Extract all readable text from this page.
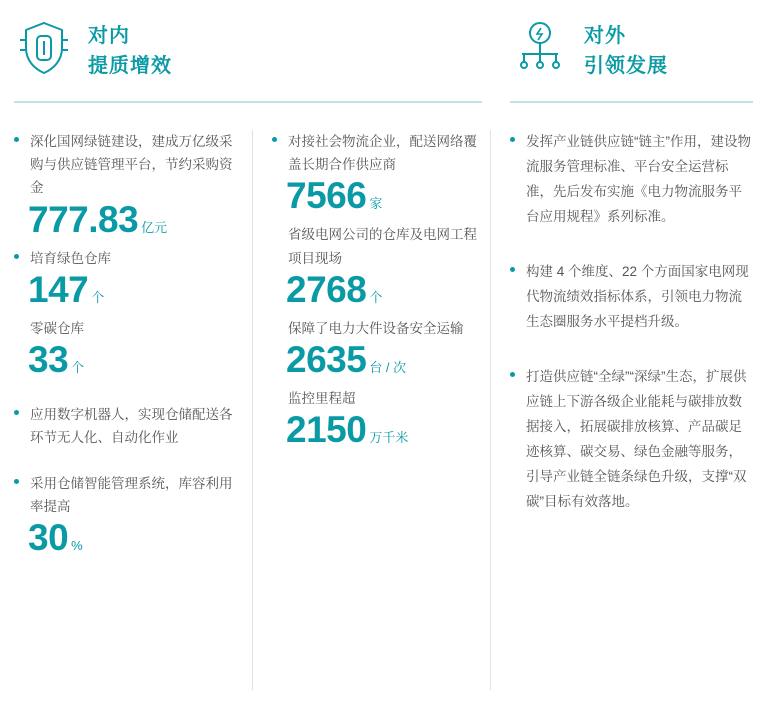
对内
提质增效
对外
引领发展
深化国网绿链建设，建成万亿级采购与供应链管理平台，节约采购资金
777.83 亿元
培育绿色仓库
147 个
零碳仓库
33 个
应用数字机器人，实现仓储配送各环节无人化、自动化作业
采用仓储智能管理系统，库容利用率提高
30 %
对接社会物流企业，配送网络覆盖长期合作供应商
7566 家
省级电网公司的仓库及电网工程项目现场
2768 个
保障了电力大件设备安全运输
2635 台 / 次
监控里程超
2150 万千米
发挥产业链供应链“链主”作用，建设物流服务管理标准、平台安全运营标准，先后发布实施《电力物流服务平台应用规程》系列标准。
构建 4 个维度、22 个方面国家电网现代物流绩效指标体系，引领电力物流生态圈服务水平提档升级。
打造供应链“全绿”“深绿”生态，扩展供应链上下游各级企业能耗与碳排放数据接入，拓展碳排放核算、产品碳足迹核算、碳交易、绿色金融等服务，引导产业链全链条绿色升级，支撑“双碳”目标有效落地。
